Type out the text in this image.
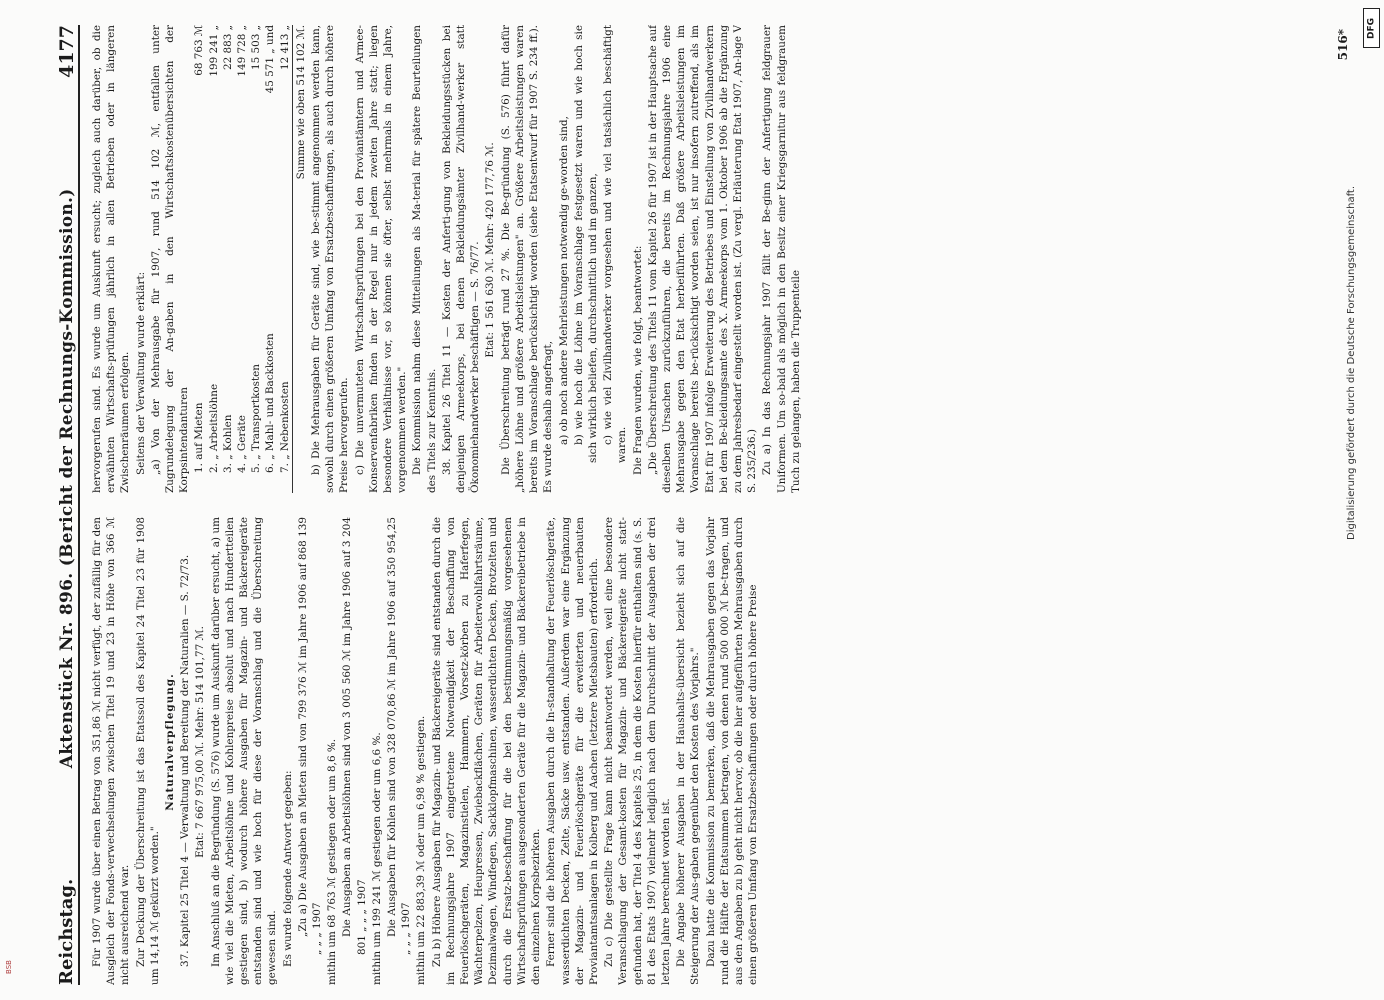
Reichstag.
Aktenstück Nr. 896. (Bericht der Rechnungs-Kommission.)
4177

Für 1907 wurde über einen Betrag von 351,86 ℳ nicht verfügt, der zufällig für den Ausgleich der Fonds-verwechselungen zwischen Titel 19 und 23 in Höhe von 366 ℳ nicht ausreichend war. Zur Deckung der Überschreitung ist das Etatssoll des Kapitel 24 Titel 23 für 1908 um 14,14 ℳ gekürzt worden."

Naturalverpflegung. 37. Kapitel 25 Titel 4 — Verwaltung und Bereitung der Naturalien — S. 72/73. Etat: 7 667 975,00 ℳ. Mehr: 514 101,77 ℳ. Im Anschluß an die Begründung (S. 576) wurde um Auskunft darüber ersucht, a) um wie viel die Mieten, Arbeitslöhne und Kohlenpreise absolut und nach Hundertteilen gestiegen sind, b) wodurch höhere Ausgaben für Magazin- und Bäckereigeräte entstanden sind und wie hoch für diese der Voranschlag und die Überschreitung gewesen sind. Es wurde folgende Antwort gegeben: „Zu a) Die Ausgaben an Mieten sind von 799 376 ℳ im Jahre 1906 auf 868 139 „ „ „ 1907 mithin um 68 763 ℳ gestiegen oder um 8,6 %. Die Ausgaben an Arbeitslöhnen sind von 3 005 560 ℳ im Jahre 1906 auf 3 204 801 „ „ „ 1907 mithin um 199 241 ℳ gestiegen oder um 6,6 %. Die Ausgaben für Kohlen sind von 328 070,86 ℳ im Jahre 1906 auf 350 954,25 „ „ „ 1907 mithin um 22 883,39 ℳ oder um 6,98 % gestiegen. Zu b) Höhere Ausgaben für Magazin- und Bäckereigeräte sind entstanden durch die im Rechnungsjahre 1907 eingetretene Notwendigkeit der Beschaffung von Feuerlöschgeräten, Magazinstielen, Hammern, Vorsetz-körben zu Haferfegen, Wächterpelzen, Heupressen, Zwiebackflächen, Geräten für Arbeiterwohlfahrtsräume, Dezimalwagen, Windfegen, Sackklopfmaschinen, wasserdichten Decken, Brotzelten und durch die Ersatz-beschaffung für die bei den bestimmungsmäßig vorgesehenen Wirtschaftsprüfungen ausgesonderten Geräte für die Magazin- und Bäckereibetriebe in den einzelnen Korpsbezirken. Ferner sind die höheren Ausgaben durch die In-standhaltung der Feuerlöschgeräte, wasserdichten Decken, Zelte, Säcke usw. entstanden. Außerdem war eine Ergänzung der Magazin- und Feuerlöschgeräte für die erweiterten und neuerbauten Proviantamtsanlagen in Kolberg und Aachen (letztere Mietsbauten) erforderlich. Zu c) Die gestellte Frage kann nicht beantwortet werden, weil eine besondere Veranschlagung der Gesamt-kosten für Magazin- und Bäckereigeräte nicht statt-gefunden hat, der Titel 4 des Kapitels 25, in dem die Kosten hierfür enthalten sind (s. S. 81 des Etats 1907) vielmehr lediglich nach dem Durchschnitt der Ausgaben der drei letzten Jahre berechnet worden ist. Die Angabe höherer Ausgaben in der Haushalts-übersicht bezieht sich auf die Steigerung der Aus-gaben gegenüber den Kosten des Vorjahrs." Dazu hatte die Kommission zu bemerken, daß die Mehrausgaben gegen das Vorjahr rund die Hälfte der Etatsummen betragen, von denen rund 500 000 ℳ be-tragen, und aus den Angaben zu b) geht nicht hervor, ob die hier aufgeführten Mehrausgaben durch einen größeren Umfang von Ersatzbeschaffungen oder durch höhere Preise

hervorgerufen sind. Es wurde um Auskunft ersucht; zugleich auch darüber, ob die erwähnten Wirtschafts-prüfungen jährlich in allen Betrieben oder in längeren Zwischenräumen erfolgen. Seitens der Verwaltung wurde erklärt: „a) Von der Mehrausgabe für 1907, rund 514 102 ℳ, entfallen unter Zugrundelegung der An-gaben in den Wirtschaftskostenübersichten der Korpsintendanturen 1. auf Mieten
68 763 ℳ
2. „ Arbeitslöhne
199 241 „
3. „ Kohlen
22 883 „
4. „ Geräte
149 728 „
5. „ Transportkosten
15 503 „
6. „ Mahl- und Backkosten
45 571 „ und
7. „ Nebenkosten
12 413 „ Summe wie oben 514 102 ℳ. b) Die Mehrausgaben für Geräte sind, wie be-stimmt angenommen werden kann, sowohl durch einen größeren Umfang von Ersatzbeschaffungen, als auch durch höhere Preise hervorgerufen. c) Die unvermuteten Wirtschaftsprüfungen bei den Proviantämtern und Armee-Konservenfabriken finden in der Regel nur in jedem zweiten Jahre statt; liegen besondere Verhältnisse vor, so können sie öfter, selbst mehrmals in einem Jahre, vorgenommen werden." Die Kommission nahm diese Mitteilungen als Ma-terial für spätere Beurteilungen des Titels zur Kenntnis. 38. Kapitel 26 Titel 11 — Kosten der Anferti-gung von Bekleidungsstücken bei denjenigen Armeekorps, bei denen Bekleidungsämter Zivilhand-werker statt Ökonomiehandwerker beschäftigen — S. 76/77. Etat: 1 561 630 ℳ. Mehr: 420 177,76 ℳ. Die Überschreitung beträgt rund 27 %. Die Be-gründung (S. 576) führt dafür „höhere Löhne und größere Arbeitsleistungen" an. Größere Arbeitsleistungen waren bereits im Voranschlage berücksichtigt worden (siehe Etatsentwurf für 1907 S. 234 ff.). Es wurde deshalb angefragt, a) ob noch andere Mehrleistungen notwendig ge-worden sind, b) wie hoch die Löhne im Voranschlage festgesetzt waren und wie hoch sie sich wirklich beliefen, durchschnittlich und im ganzen, c) wie viel Zivilhandwerker vorgesehen und wie viel tatsächlich beschäftigt waren. Die Fragen wurden, wie folgt, beantwortet: „Die Überschreitung des Titels 11 vom Kapitel 26 für 1907 ist in der Hauptsache auf dieselben Ursachen zurückzuführen, die bereits im Rechnungsjahre 1906 eine Mehrausgabe gegen den Etat herbeiführten. Daß größere Arbeitsleistungen im Voranschlage bereits be-rücksichtigt worden seien, ist nur insofern zutreffend, als im Etat für 1907 infolge Erweiterung des Betriebes und Einstellung von Zivilhandwerkern bei dem Be-kleidungsamte des X. Armeekorps vom 1. Oktober 1906 ab die Ergänzung zu dem Jahresbedarf eingestellt worden ist. (Zu vergl. Erläuterung Etat 1907, An-lage V S. 235/236.) Zu a) In das Rechnungsjahr 1907 fällt der Be-ginn der Anfertigung feldgrauer Uniformen. Um so-bald als möglich in den Besitz einer Kriegsgarnitur aus feldgrauem Tuch zu gelangen, haben die Truppenteile

516*
Digitalisierung gefördert durch die Deutsche Forschungsgemeinschaft.
DFG
BSB
